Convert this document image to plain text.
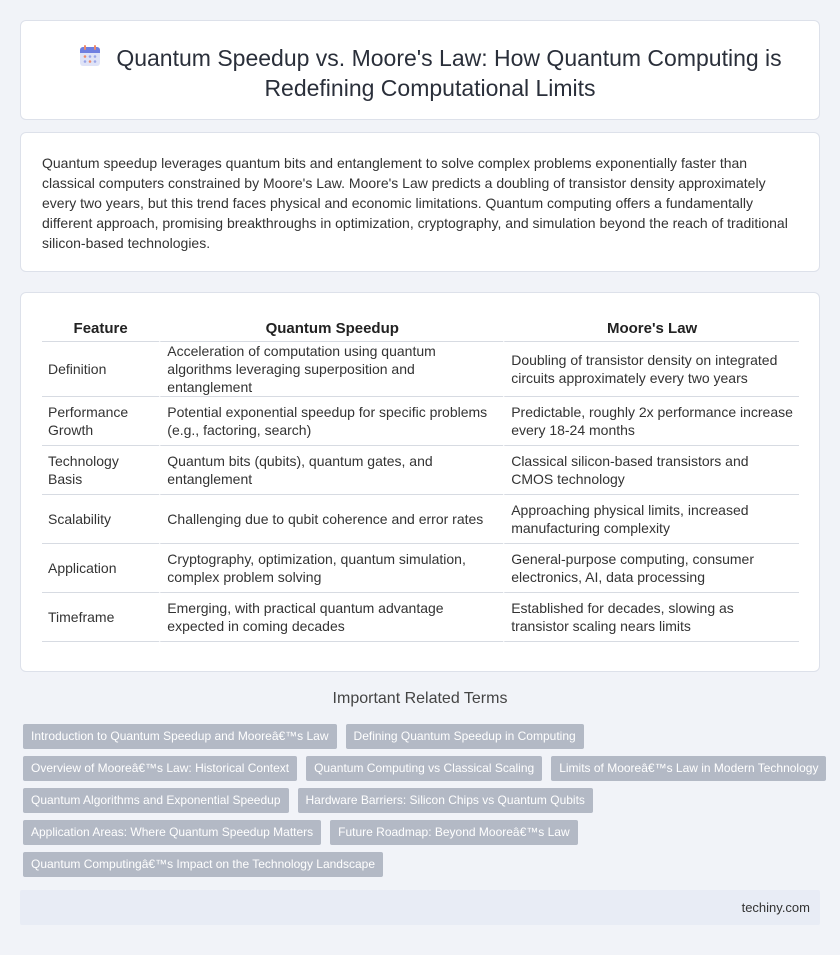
Quantum Speedup vs. Moore's Law: How Quantum Computing is Redefining Computational Limits
Quantum speedup leverages quantum bits and entanglement to solve complex problems exponentially faster than classical computers constrained by Moore's Law. Moore's Law predicts a doubling of transistor density approximately every two years, but this trend faces physical and economic limitations. Quantum computing offers a fundamentally different approach, promising breakthroughs in optimization, cryptography, and simulation beyond the reach of traditional silicon-based technologies.
Feature	Quantum Speedup	Moore's Law
Definition	Acceleration of computation using quantum algorithms leveraging superposition and entanglement	Doubling of transistor density on integrated circuits approximately every two years
Performance Growth	Potential exponential speedup for specific problems (e.g., factoring, search)	Predictable, roughly 2x performance increase every 18-24 months
Technology Basis	Quantum bits (qubits), quantum gates, and entanglement	Classical silicon-based transistors and CMOS technology
Scalability	Challenging due to qubit coherence and error rates	Approaching physical limits, increased manufacturing complexity
Application	Cryptography, optimization, quantum simulation, complex problem solving	General-purpose computing, consumer electronics, AI, data processing
Timeframe	Emerging, with practical quantum advantage expected in coming decades	Established for decades, slowing as transistor scaling nears limits
Important Related Terms
Introduction to Quantum Speedup and Mooreâ€™s Law Defining Quantum Speedup in Computing
Overview of Mooreâ€™s Law: Historical Context Quantum Computing vs Classical Scaling Limits of Mooreâ€™s Law in Modern Technology
Quantum Algorithms and Exponential Speedup Hardware Barriers: Silicon Chips vs Quantum Qubits
Application Areas: Where Quantum Speedup Matters Future Roadmap: Beyond Mooreâ€™s Law
Quantum Computingâ€™s Impact on the Technology Landscape
techiny.com
